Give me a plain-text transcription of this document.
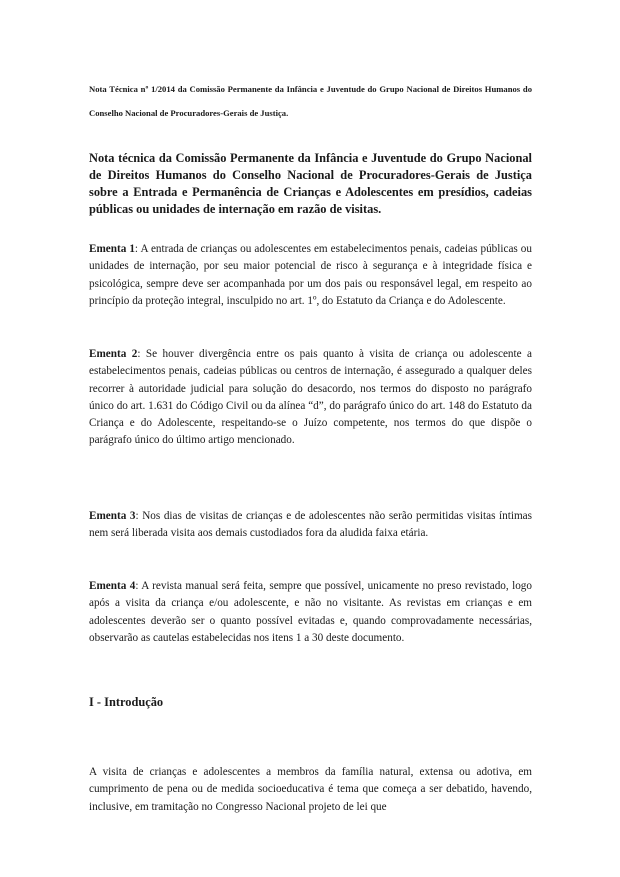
Nota Técnica nº 1/2014 da Comissão Permanente da Infância e Juventude do Grupo Nacional de Direitos Humanos do Conselho Nacional de Procuradores-Gerais de Justiça.

Nota técnica da Comissão Permanente da Infância e Juventude do Grupo Nacional de Direitos Humanos do Conselho Nacional de Procuradores-Gerais de Justiça sobre a Entrada e Permanência de Crianças e Adolescentes em presídios, cadeias públicas ou unidades de internação em razão de visitas.

Ementa 1: A entrada de crianças ou adolescentes em estabelecimentos penais, cadeias públicas ou unidades de internação, por seu maior potencial de risco à segurança e à integridade física e psicológica, sempre deve ser acompanhada por um dos pais ou responsável legal, em respeito ao princípio da proteção integral, insculpido no art. 1º, do Estatuto da Criança e do Adolescente.

Ementa 2: Se houver divergência entre os pais quanto à visita de criança ou adolescente a estabelecimentos penais, cadeias públicas ou centros de internação, é assegurado a qualquer deles recorrer à autoridade judicial para solução do desacordo, nos termos do disposto no parágrafo único do art. 1.631 do Código Civil ou da alínea “d”, do parágrafo único do art. 148 do Estatuto da Criança e do Adolescente, respeitando-se o Juízo competente, nos termos do que dispõe o parágrafo único do último artigo mencionado.

Ementa 3: Nos dias de visitas de crianças e de adolescentes não serão permitidas visitas íntimas nem será liberada visita aos demais custodiados fora da aludida faixa etária.

Ementa 4: A revista manual será feita, sempre que possível, unicamente no preso revistado, logo após a visita da criança e/ou adolescente, e não no visitante. As revistas em crianças e em adolescentes deverão ser o quanto possível evitadas e, quando comprovadamente necessárias, observarão as cautelas estabelecidas nos itens 1 a 30 deste documento.

I - Introdução

A visita de crianças e adolescentes a membros da família natural, extensa ou adotiva, em cumprimento de pena ou de medida socioeducativa é tema que começa a ser debatido, havendo, inclusive, em tramitação no Congresso Nacional projeto de lei que
